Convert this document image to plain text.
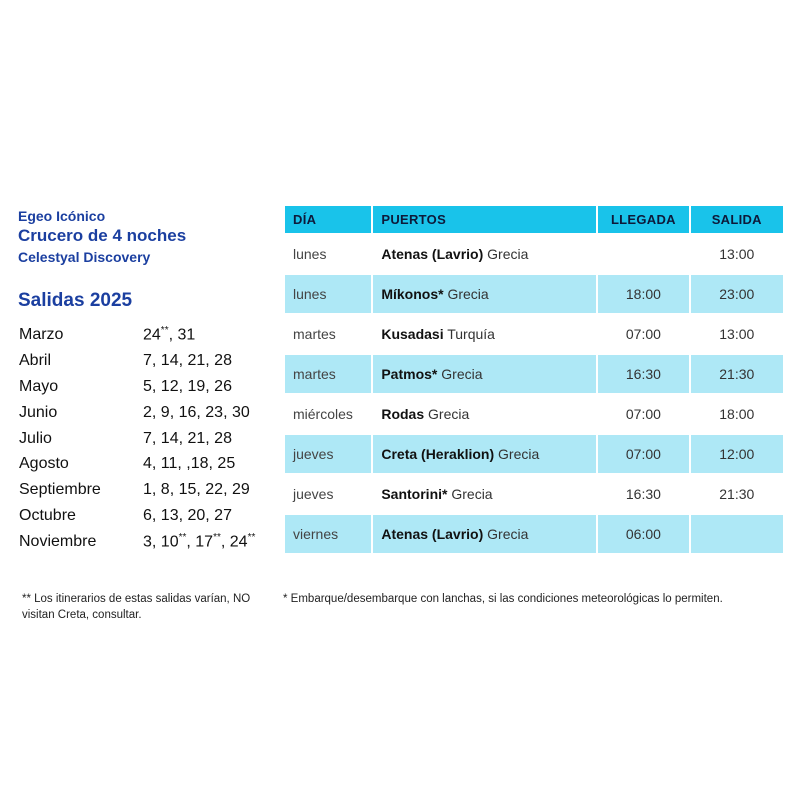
Egeo Icónico
Crucero de 4 noches
Celestyal Discovery
Salidas 2025
Marzo	24**, 31
Abril	7, 14, 21, 28
Mayo	5, 12, 19, 26
Junio	2, 9, 16, 23, 30
Julio	7, 14, 21, 28
Agosto	4, 11, ,18, 25
Septiembre	1, 8, 15, 22, 29
Octubre	6, 13, 20, 27
Noviembre	3, 10**, 17**, 24**
DÍA	PUERTOS	LLEGADA	SALIDA
lunes	Atenas (Lavrio) Grecia		13:00
lunes	Míkonos* Grecia	18:00	23:00
martes	Kusadasi Turquía	07:00	13:00
martes	Patmos* Grecia	16:30	21:30
miércoles	Rodas Grecia	07:00	18:00
jueves	Creta (Heraklion) Grecia	07:00	12:00
jueves	Santorini* Grecia	16:30	21:30
viernes	Atenas (Lavrio) Grecia	06:00	
** Los itinerarios de estas salidas varían, NO visitan Creta, consultar.
* Embarque/desembarque con lanchas, si las condiciones meteorológicas lo permiten.
